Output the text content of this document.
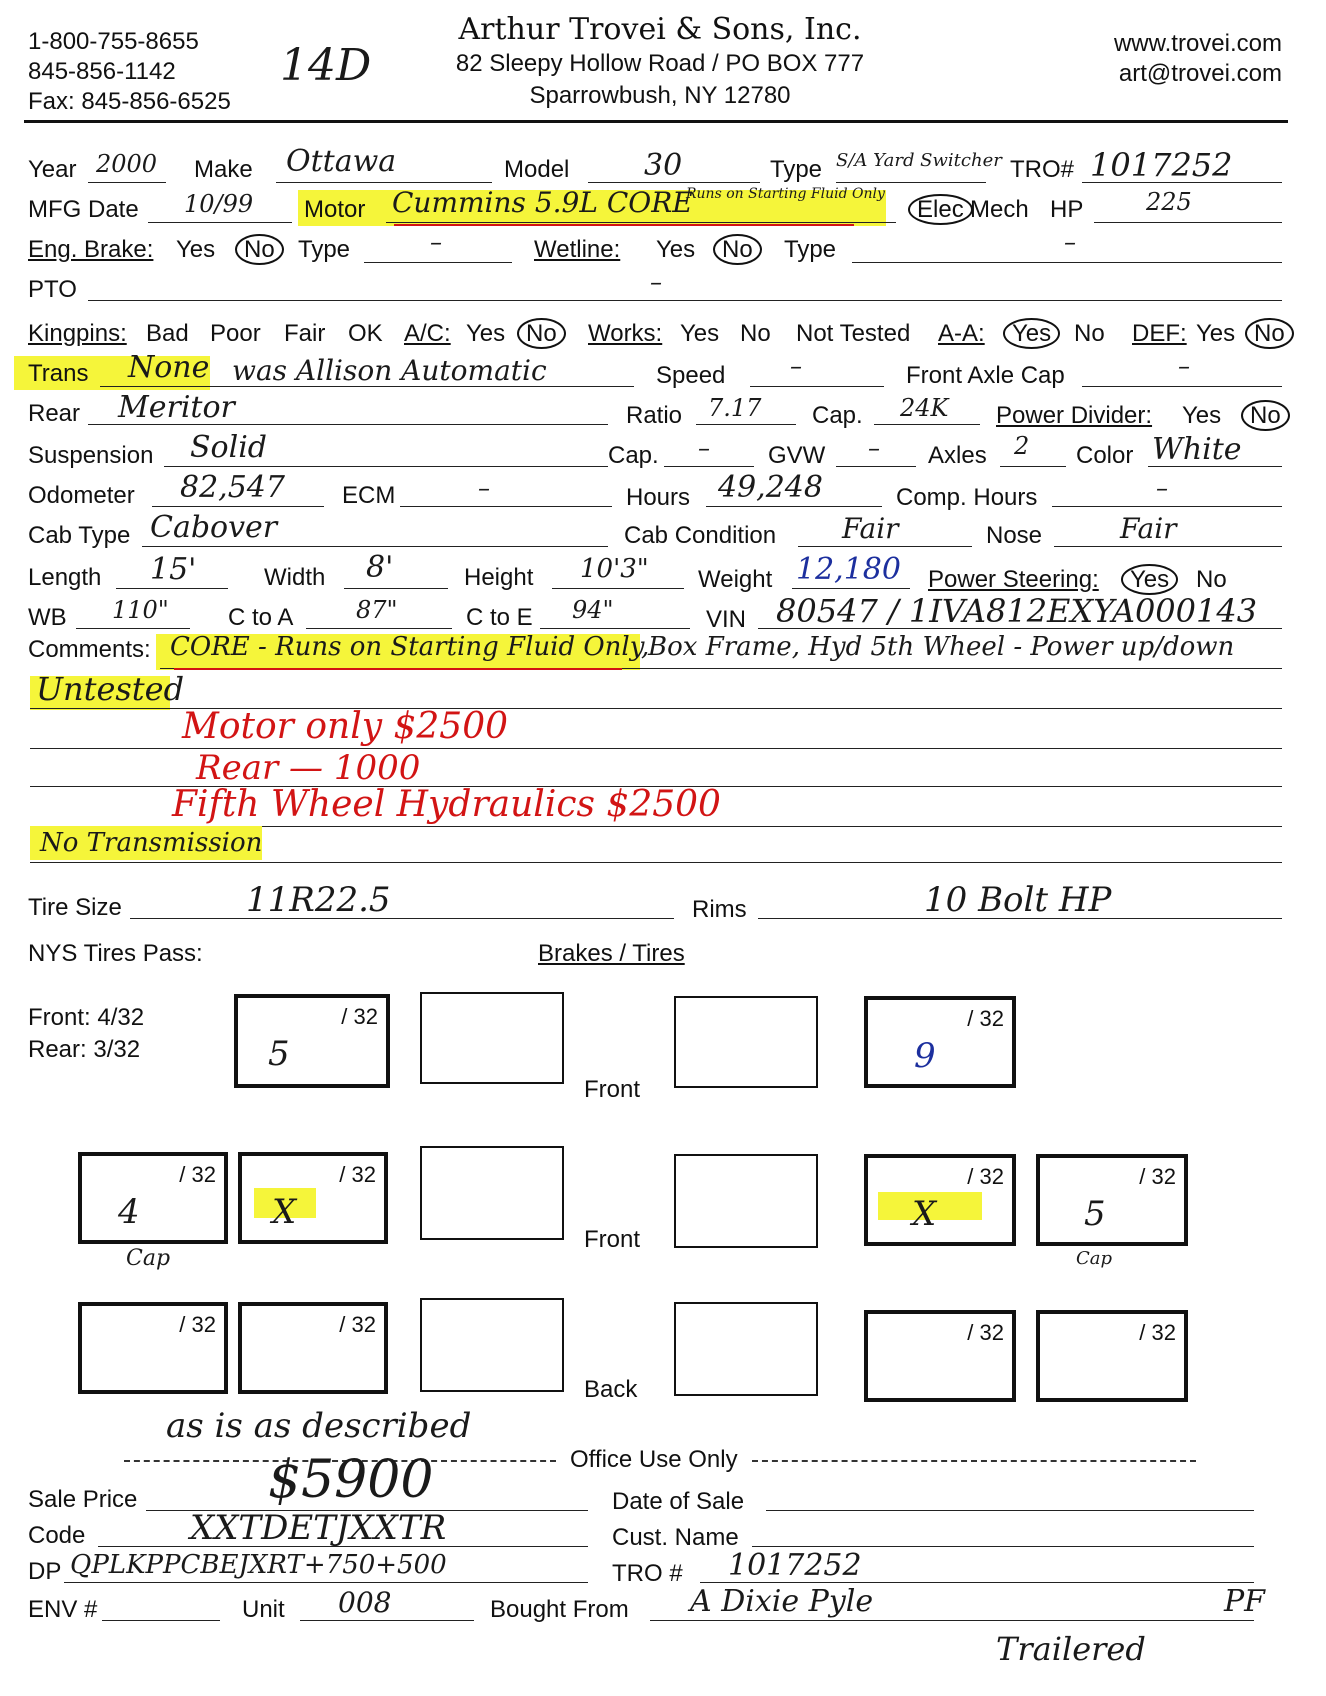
1-800-755-8655
845-856-1142
Fax: 845-856-6525
14D
Arthur Trovei & Sons, Inc.
82 Sleepy Hollow Road / PO BOX 777
Sparrowbush, NY 12780
www.trovei.com
art@trovei.com
Year 2000 Make Ottawa	Model 30	Type S/A Yard Switcher TRO# 1017252
MFG Date 10/99 Motor Cummins 5.9L CORE
Runs on Starting Fluid Only
Elec Mech HP	225
Eng. Brake: Yes No Type	–	Wetline: Yes No	Type	–
PTO	–
Kingpins: Bad Poor Fair OK A/C: Yes No	Works: Yes No Not Tested A-A: Yes No DEF: Yes No
Trans None was Allison Automatic	Speed	–	Front Axle Cap	–
Rear Meritor	Ratio 7.17 Cap. 24K Power Divider: Yes No
Suspension Solid	Cap. – GVW – Axles 2 Color White
Odometer 82,547 ECM	–	Hours 49,248	Comp. Hours	–
Cab Type Cabover	Cab Condition Fair	Nose	Fair
Length 15'	Width 8'	Height 10'3" Weight 12,180 Power Steering: Yes	No
WB 110" C to A	87"	C to E 94"	VIN 80547 / 1IVA812EXYA000143
Comments: CORE - Runs on Starting Fluid Only,
Box Frame, Hyd 5th Wheel - Power up/down
Untested
Motor only $2500
Rear — 1000
Fifth Wheel Hydraulics $2500
No Transmission
Tire Size	11R22.5	Rims	10 Bolt HP
NYS Tires Pass:	Brakes / Tires
Front: 4/32
Rear: 3/32
/ 32
5
Front
/ 32
9
/ 32
4
/ 32
X
Front
/ 32
X
/ 32
5
Cap	Cap
/ 32	/ 32
Back
/ 32	/ 32
as is as described
Office Use Only
Sale Price	$5900	Date of Sale
Code	XXTDETJXXTR	Cust. Name
DP QPLKPPCBEJXRT+750+500	TRO # 1017252
ENV #	Unit 008	Bought From A Dixie Pyle	PF
Trailered
